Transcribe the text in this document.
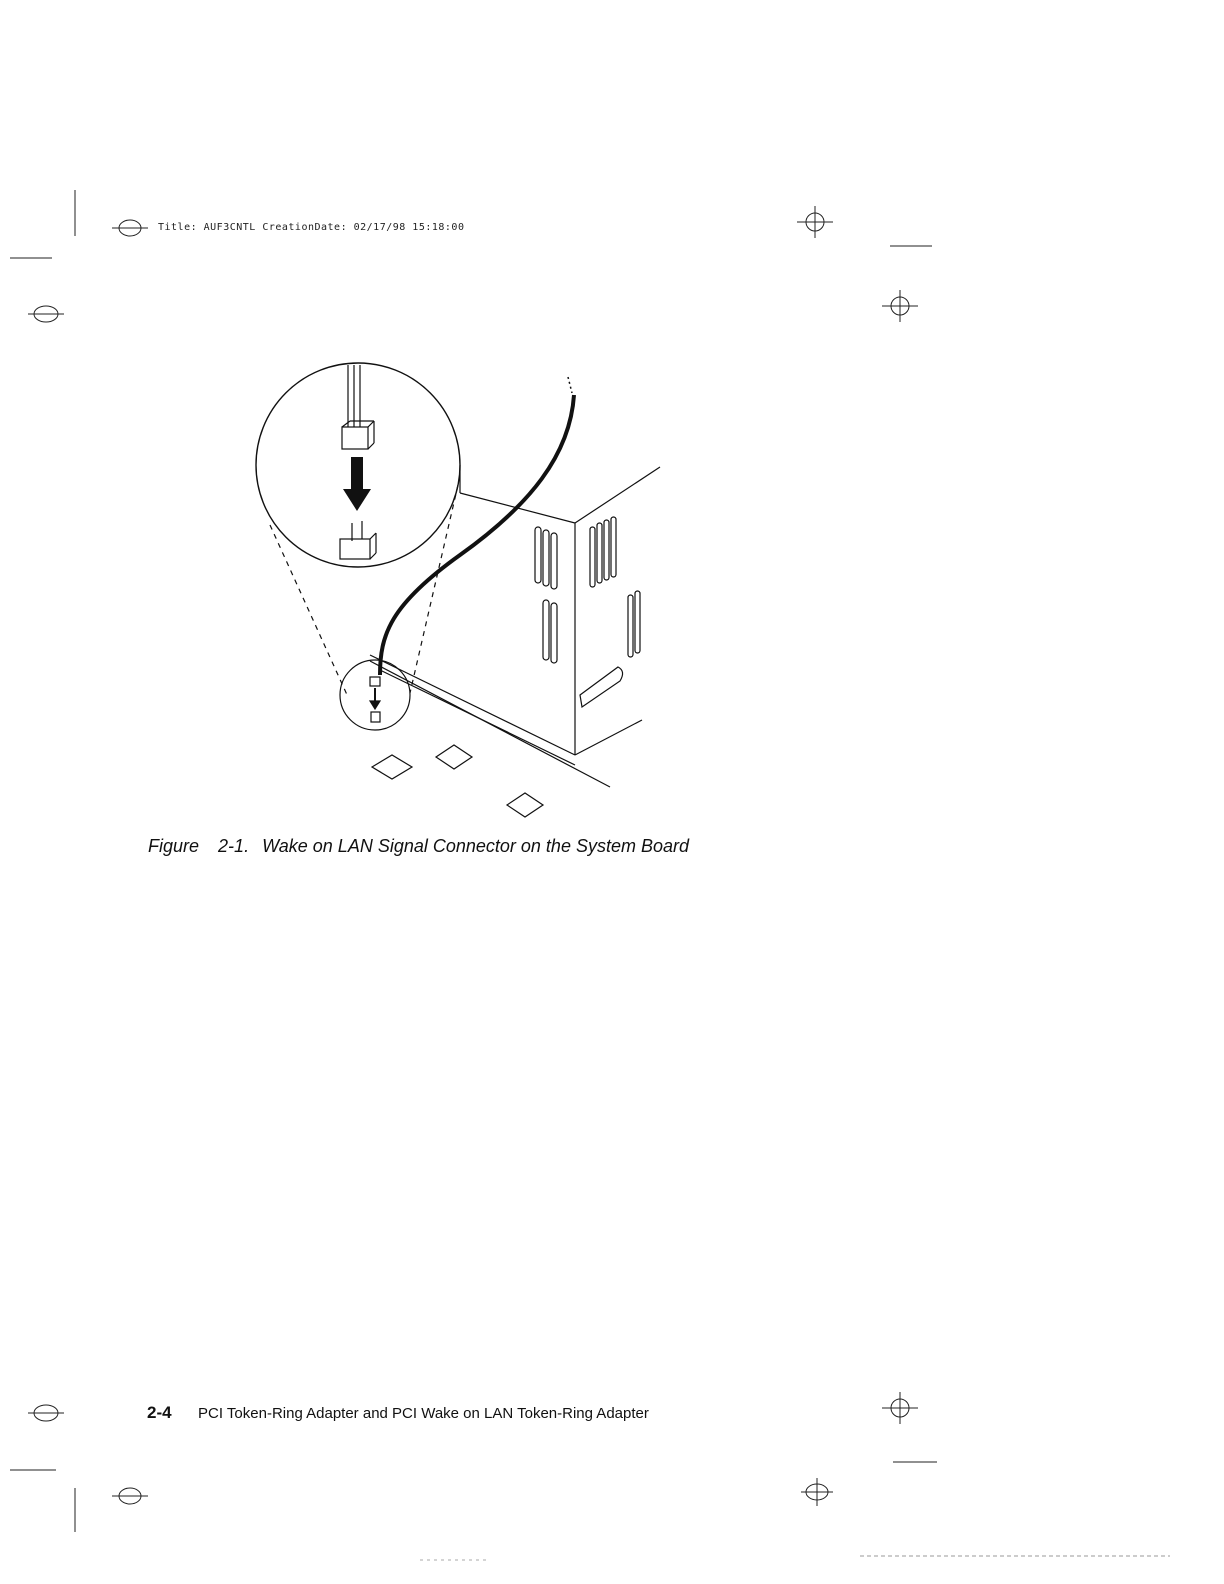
Title: AUF3CNTL CreationDate: 02/17/98 15:18:00
Figure 2-1. Wake on LAN Signal Connector on the System Board
2-4 PCI Token-Ring Adapter and PCI Wake on LAN Token-Ring Adapter
